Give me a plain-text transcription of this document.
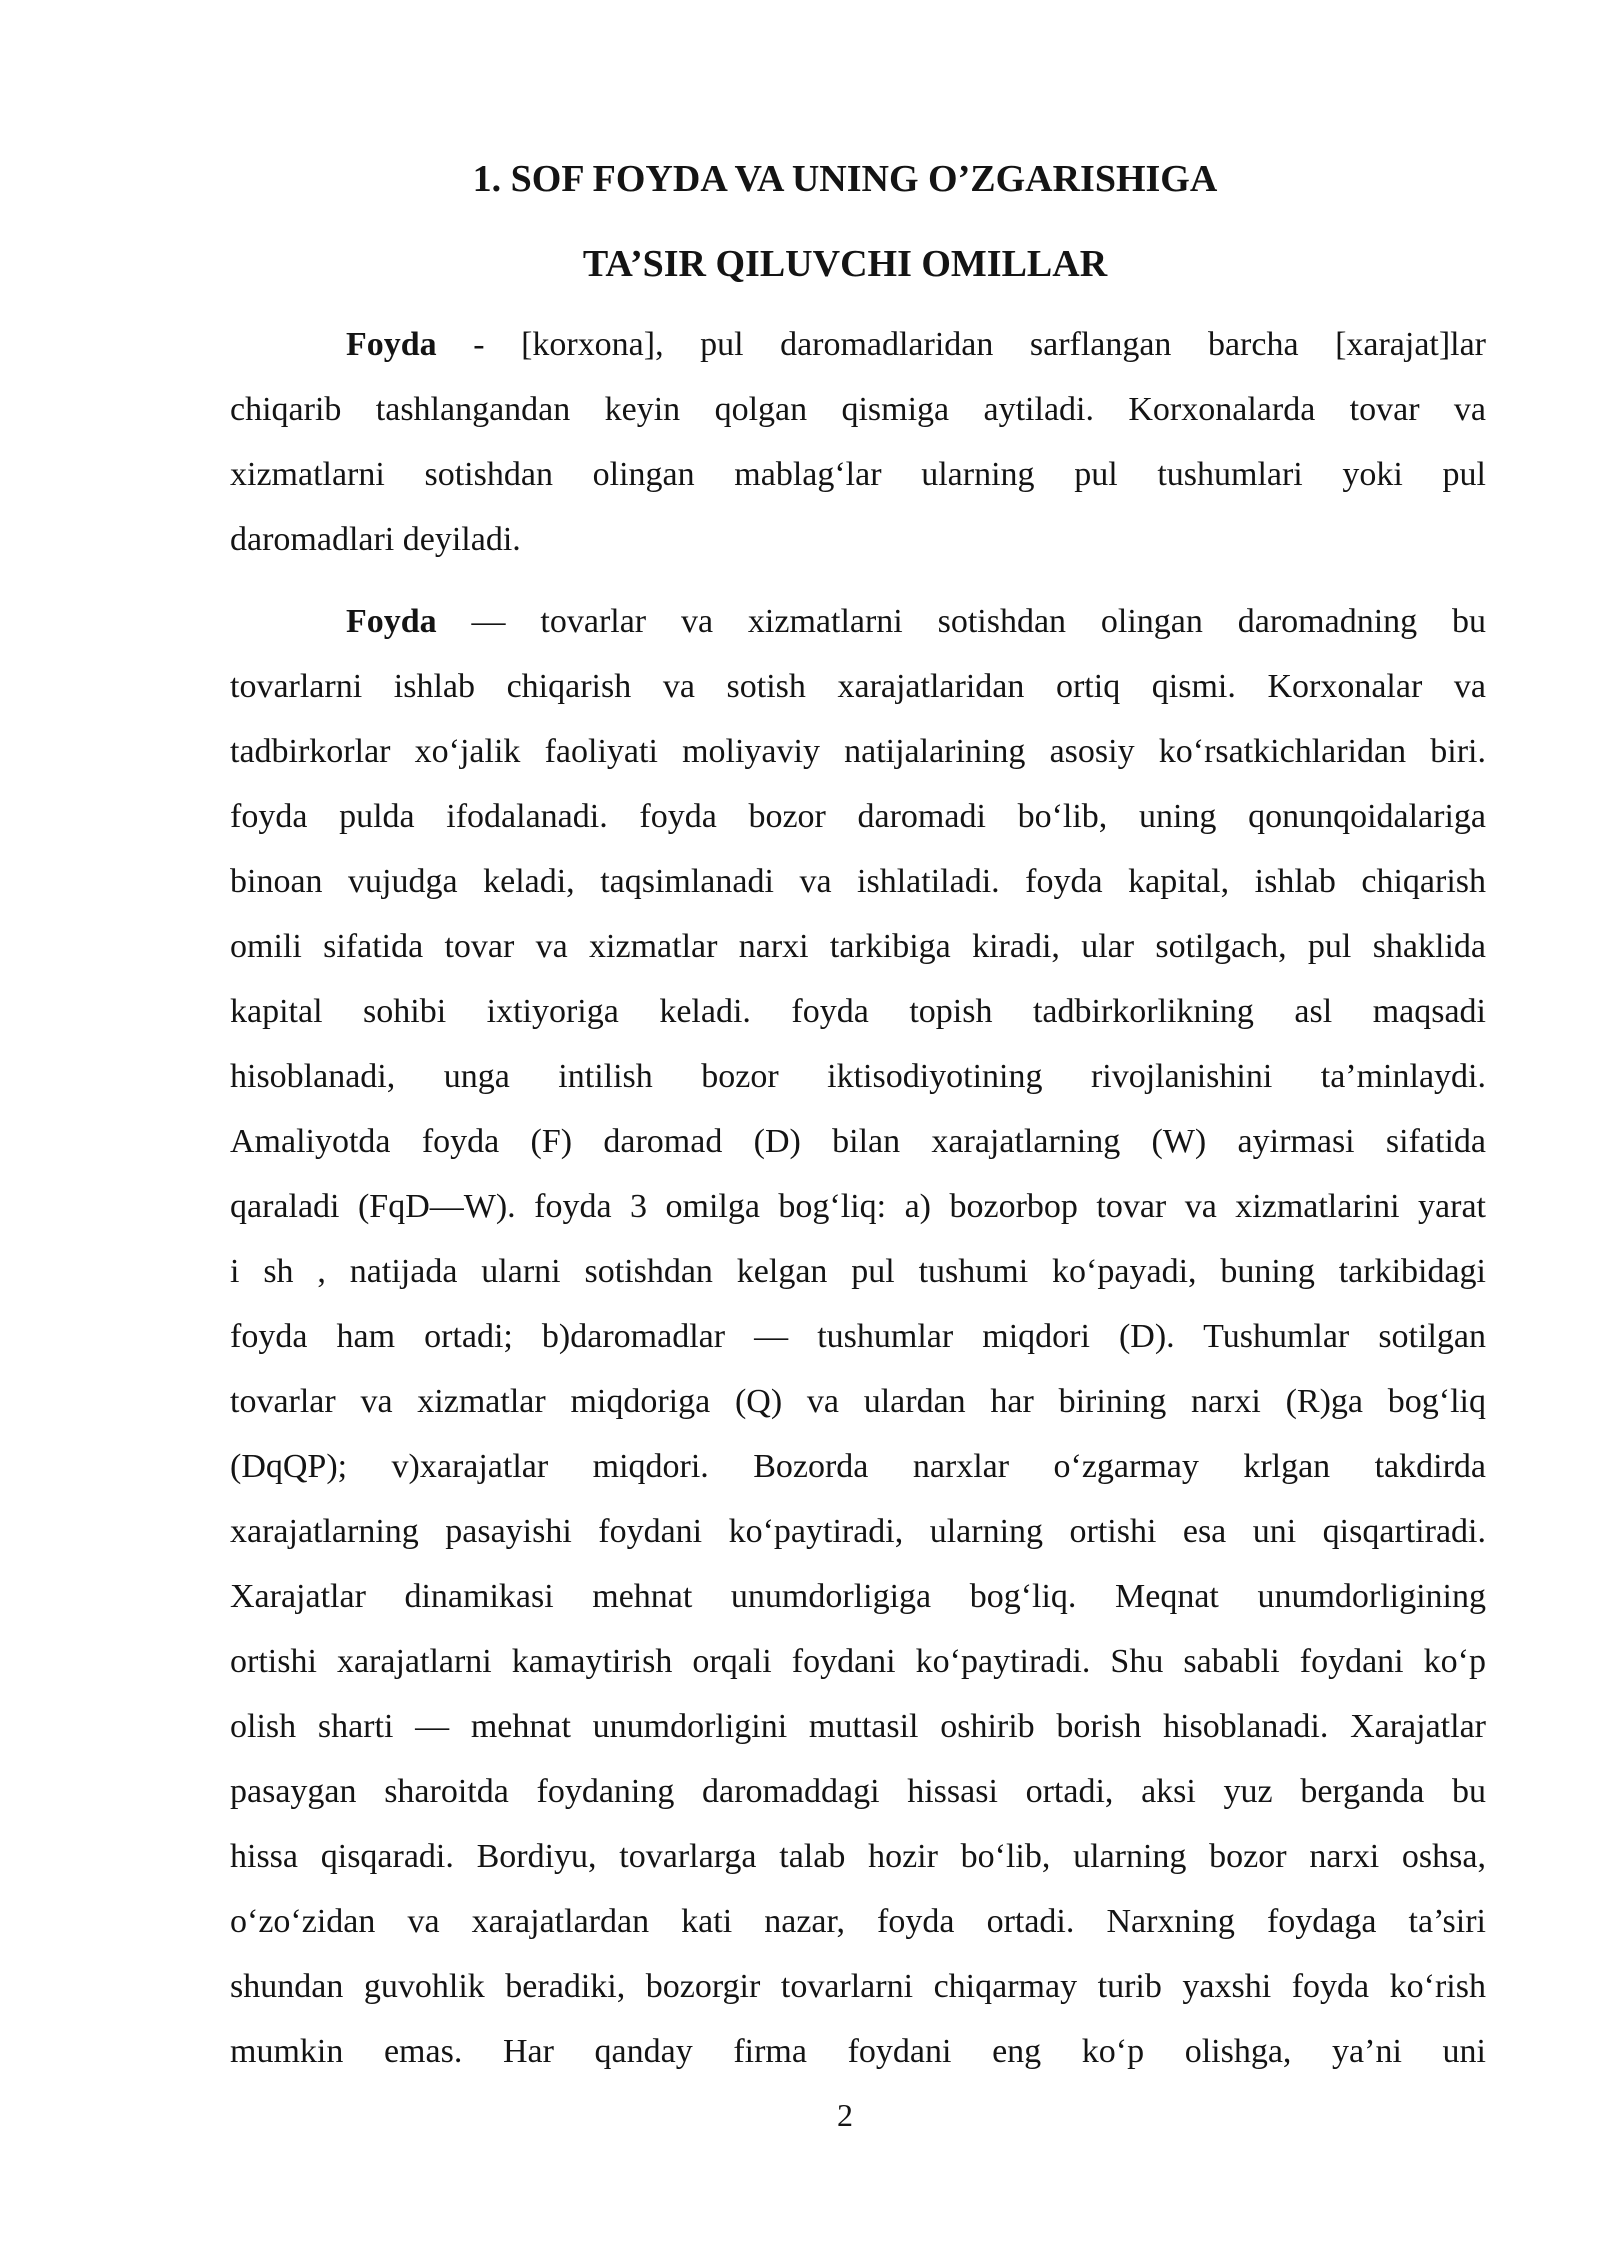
1. SOF FOYDA VA UNING O’ZGARISHIGA
TA’SIR QILUVCHI OMILLAR
Foyda - [korxona], pul daromadlaridan sarflangan barcha [xarajat]lar
chiqarib tashlangandan keyin qolgan qismiga aytiladi. Korxonalarda tovar va
xizmatlarni sotishdan olingan mablag‘lar ularning pul tushumlari yoki pul
daromadlari deyiladi.
Foyda — tovarlar va xizmatlarni sotishdan olingan daromadning bu
tovarlarni ishlab chiqarish va sotish xarajatlaridan ortiq qismi. Korxonalar va
tadbirkorlar xo‘jalik faoliyati moliyaviy natijalarining asosiy ko‘rsatkichlaridan biri.
foyda pulda ifodalanadi. foyda bozor daromadi bo‘lib, uning qonunqoidalariga
binoan vujudga keladi, taqsimlanadi va ishlatiladi. foyda kapital, ishlab chiqarish
omili sifatida tovar va xizmatlar narxi tarkibiga kiradi, ular sotilgach, pul shaklida
kapital sohibi ixtiyoriga keladi. foyda topish tadbirkorlikning asl maqsadi
hisoblanadi, unga intilish bozor iktisodiyotining rivojlanishini ta’minlaydi.
Amaliyotda foyda (F) daromad (D) bilan xarajatlarning (W) ayirmasi sifatida
qaraladi (FqD—W). foyda 3 omilga bog‘liq: a) bozorbop tovar va xizmatlarini yarat
i sh , natijada ularni sotishdan kelgan pul tushumi ko‘payadi, buning tarkibidagi
foyda ham ortadi; b)daromadlar — tushumlar miqdori (D). Tushumlar sotilgan
tovarlar va xizmatlar miqdoriga (Q) va ulardan har birining narxi (R)ga bog‘liq
(DqQP); v)xarajatlar miqdori. Bozorda narxlar o‘zgarmay krlgan takdirda
xarajatlarning pasayishi foydani ko‘paytiradi, ularning ortishi esa uni qisqartiradi.
Xarajatlar dinamikasi mehnat unumdorligiga bog‘liq. Meqnat unumdorligining
ortishi xarajatlarni kamaytirish orqali foydani ko‘paytiradi. Shu sababli foydani ko‘p
olish sharti — mehnat unumdorligini muttasil oshirib borish hisoblanadi. Xarajatlar
pasaygan sharoitda foydaning daromaddagi hissasi ortadi, aksi yuz berganda bu
hissa qisqaradi. Bordiyu, tovarlarga talab hozir bo‘lib, ularning bozor narxi oshsa,
o‘zo‘zidan va xarajatlardan kati nazar, foyda ortadi. Narxning foydaga ta’siri
shundan guvohlik beradiki, bozorgir tovarlarni chiqarmay turib yaxshi foyda ko‘rish
mumkin emas. Har qanday firma foydani eng ko‘p olishga, ya’ni uni
2
